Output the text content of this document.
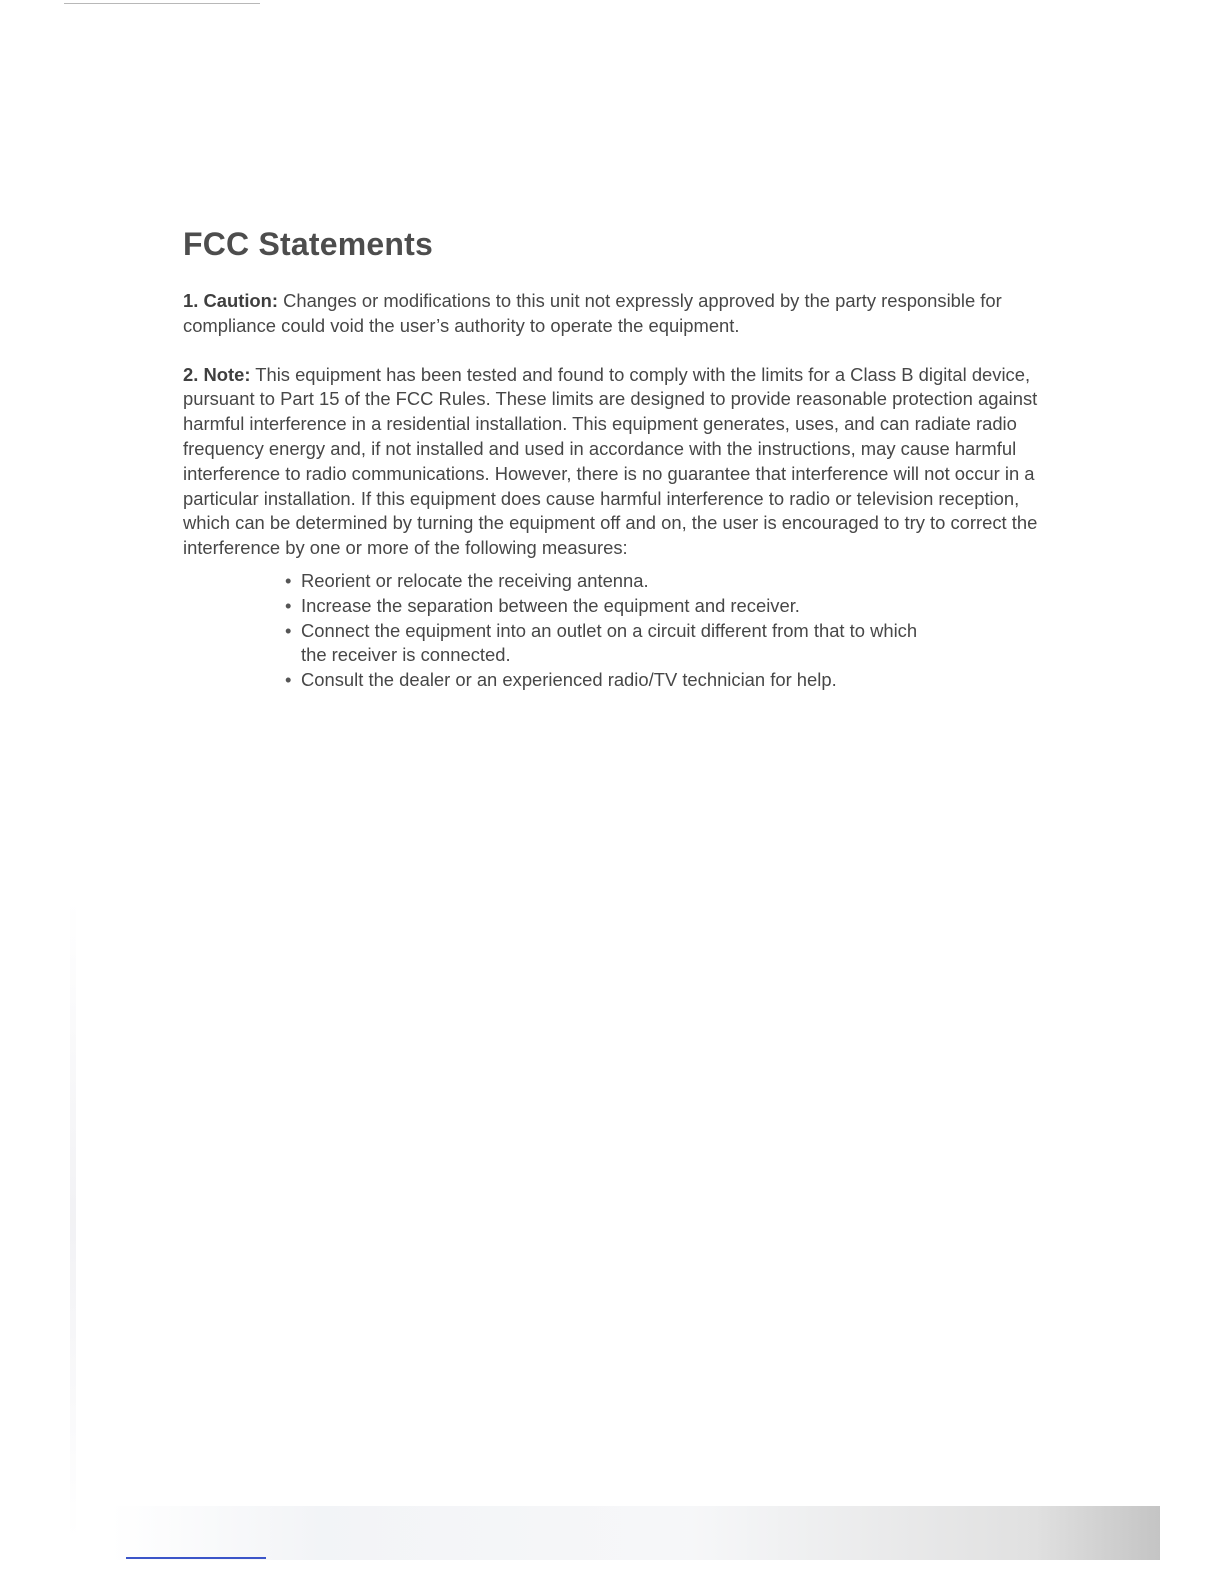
FCC Statements

1. Caution: Changes or modifications to this unit not expressly approved by the party responsible for compliance could void the user’s authority to operate the equipment.

2. Note: This equipment has been tested and found to comply with the limits for a Class B digital device, pursuant to Part 15 of the FCC Rules. These limits are designed to provide reasonable protection against harmful interference in a residential installation. This equipment generates, uses, and can radiate radio frequency energy and, if not installed and used in accordance with the instructions, may cause harmful interference to radio communications. However, there is no guarantee that interference will not occur in a particular installation. If this equipment does cause harmful interference to radio or television reception, which can be determined by turning the equipment off and on, the user is encouraged to try to correct the interference by one or more of the following measures:

• Reorient or relocate the receiving antenna.
• Increase the separation between the equipment and receiver.
• Connect the equipment into an outlet on a circuit different from that to which the receiver is connected.
• Consult the dealer or an experienced radio/TV technician for help.
